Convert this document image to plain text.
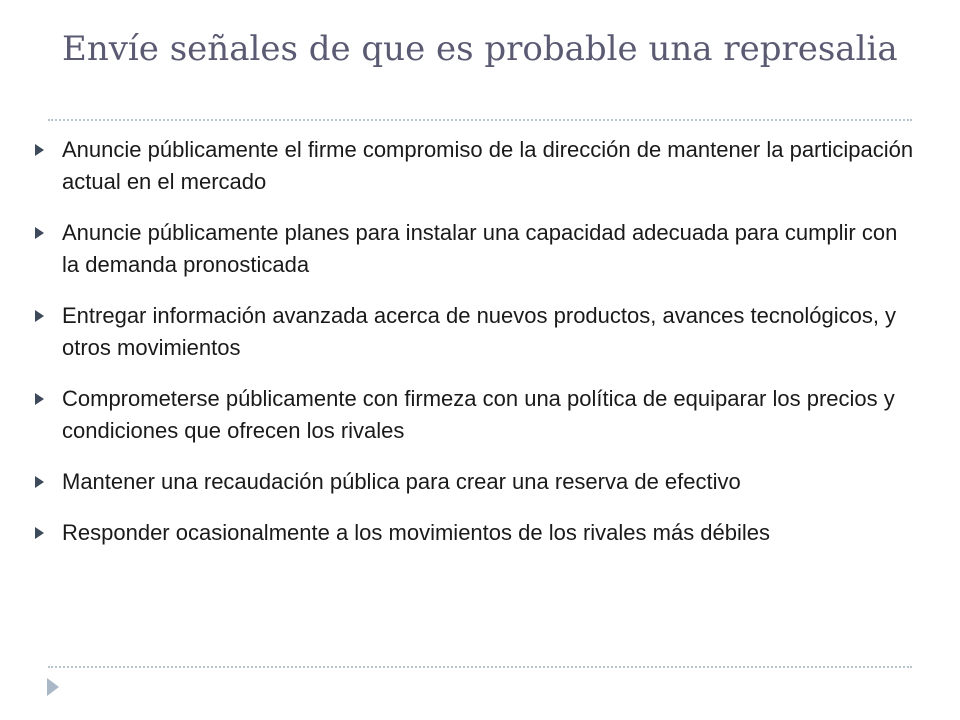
Envíe señales de que es probable una represalia
Anuncie públicamente el firme compromiso de la dirección de mantener la participación actual en el mercado
Anuncie públicamente planes para instalar una capacidad adecuada para cumplir con la demanda pronosticada
Entregar información avanzada acerca de nuevos productos, avances tecnológicos, y otros movimientos
Comprometerse públicamente con firmeza con una política de equiparar los precios y condiciones que ofrecen los rivales
Mantener una recaudación pública para crear una reserva de efectivo
Responder ocasionalmente a los movimientos de los rivales más débiles
